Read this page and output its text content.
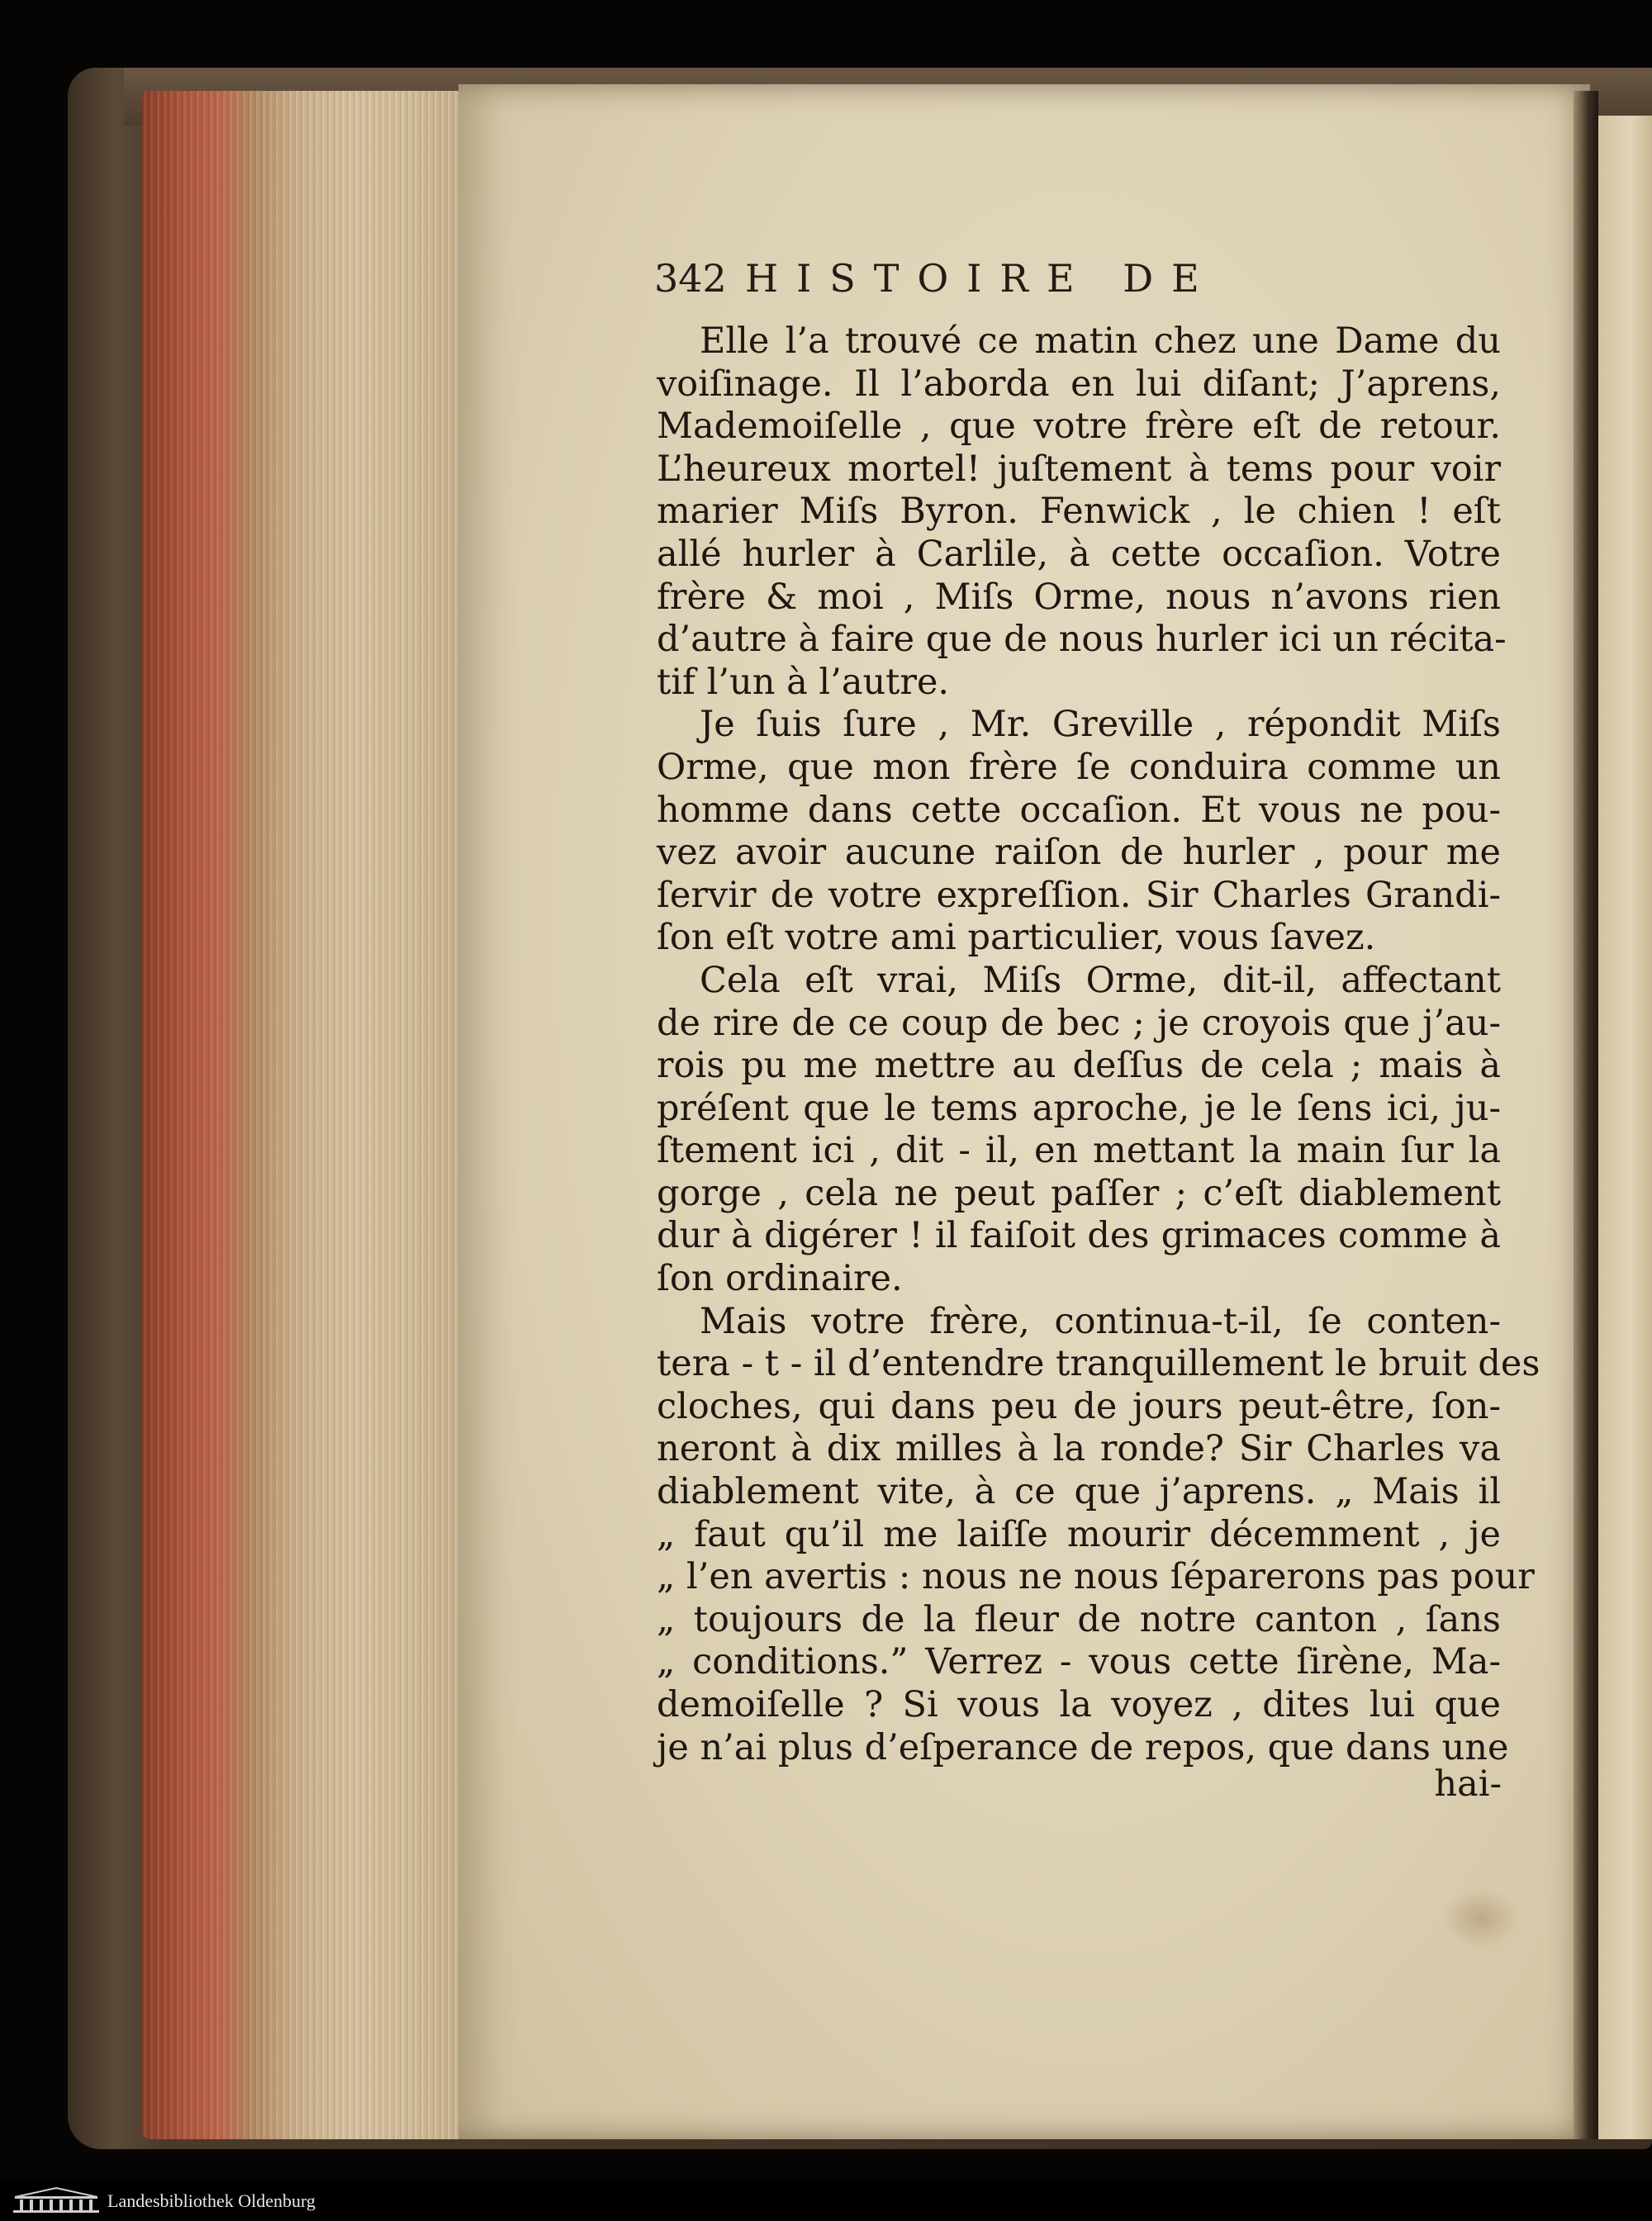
342 HISTOIRE DE
Elle l’a trouvé ce matin chez une Dame du
voiſinage. Il l’aborda en lui diſant; J’aprens,
Mademoiſelle , que votre frère eſt de retour.
L’heureux mortel! juſtement à tems pour voir
marier Miſs Byron. Fenwick , le chien ! eſt
allé hurler à Carlile, à cette occaſion. Votre
frère & moi , Miſs Orme, nous n’avons rien
d’autre à faire que de nous hurler ici un récita-
tif l’un à l’autre.
Je ſuis ſure , Mr. Greville , répondit Miſs
Orme, que mon frère ſe conduira comme un
homme dans cette occaſion. Et vous ne pou-
vez avoir aucune raiſon de hurler , pour me
ſervir de votre expreſſion. Sir Charles Grandi-
ſon eſt votre ami particulier, vous ſavez.
Cela eſt vrai, Miſs Orme, dit-il, affectant
de rire de ce coup de bec ; je croyois que j’au-
rois pu me mettre au deſſus de cela ; mais à
préſent que le tems aproche, je le ſens ici, ju-
ſtement ici , dit - il, en mettant la main ſur la
gorge , cela ne peut paſſer ; c’eſt diablement
dur à digérer ! il faiſoit des grimaces comme à
ſon ordinaire.
Mais votre frère, continua-t-il, ſe conten-
tera - t - il d’entendre tranquillement le bruit des
cloches, qui dans peu de jours peut-être, ſon-
neront à dix milles à la ronde? Sir Charles va
diablement vite, à ce que j’aprens. „ Mais il
„ faut qu’il me laiſſe mourir décemment , je
„ l’en avertis : nous ne nous ſéparerons pas pour
„ toujours de la fleur de notre canton , ſans
„ conditions.” Verrez - vous cette ſirène, Ma-
demoiſelle ? Si vous la voyez , dites lui que
je n’ai plus d’eſperance de repos, que dans une
hai-
Landesbibliothek Oldenburg
